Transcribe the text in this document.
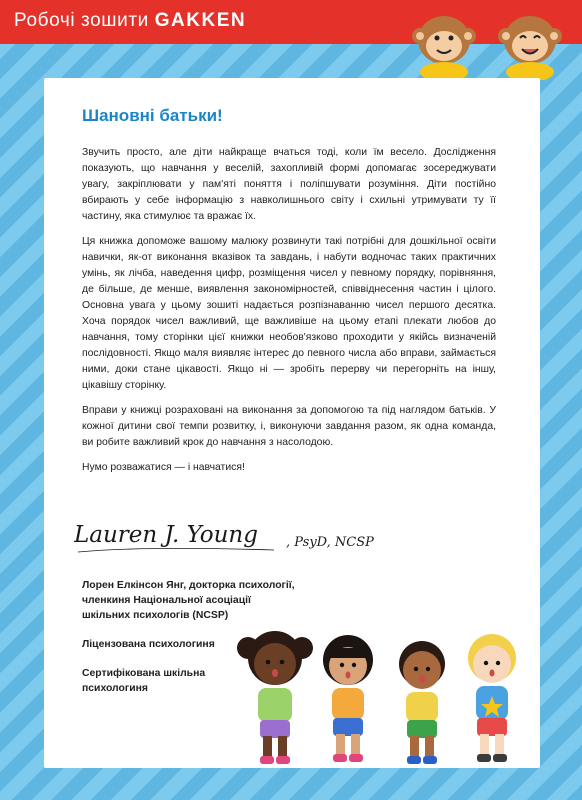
Робочі зошити GAKKEN
Шановні батьки!

Звучить просто, але діти найкраще вчаться тоді, коли їм весело. Дослідження показують, що навчання у веселій, захопливій формі допомагає зосереджувати увагу, закріплювати у пам'яті поняття і поліпшувати розуміння. Діти постійно вбирають у себе інформацію з навколишнього світу і схильні утримувати ту її частину, яка стимулює та вражає їх.

Ця книжка допоможе вашому малюку розвинути такі потрібні для дошкільної освіти навички, як-от виконання вказівок та завдань, і набути водночас таких практичних умінь, як лічба, наведення цифр, розміщення чисел у певному порядку, порівняння, де більше, де менше, виявлення закономірностей, співвіднесення частин і цілого. Основна увага у цьому зошиті надається розпізнаванню чисел першого десятка. Хоча порядок чисел важливий, ще важливіше на цьому етапі плекати любов до навчання, тому сторінки цієї книжки необов'язково проходити у якійсь визначеній послідовності. Якщо маля виявляє інтерес до певного числа або вправи, займається ними, доки стане цікавості. Якщо ні — зробіть перерву чи перегорніть на іншу, цікавішу сторінку.

Вправи у книжці розраховані на виконання за допомогою та під наглядом батьків. У кожної дитини свої темпи розвитку, і, виконуючи завдання разом, як одна команда, ви робите важливий крок до навчання з насолодою.

Нумо розважатися — і навчатися!

Lauren J. Young , PsyD, NCSP
Лорен Елкінсон Янг, докторка психології,
членкиня Національної асоціації
шкільних психологів (NCSP)
Ліцензована психологиня
Сертифікована шкільна
психологиня
